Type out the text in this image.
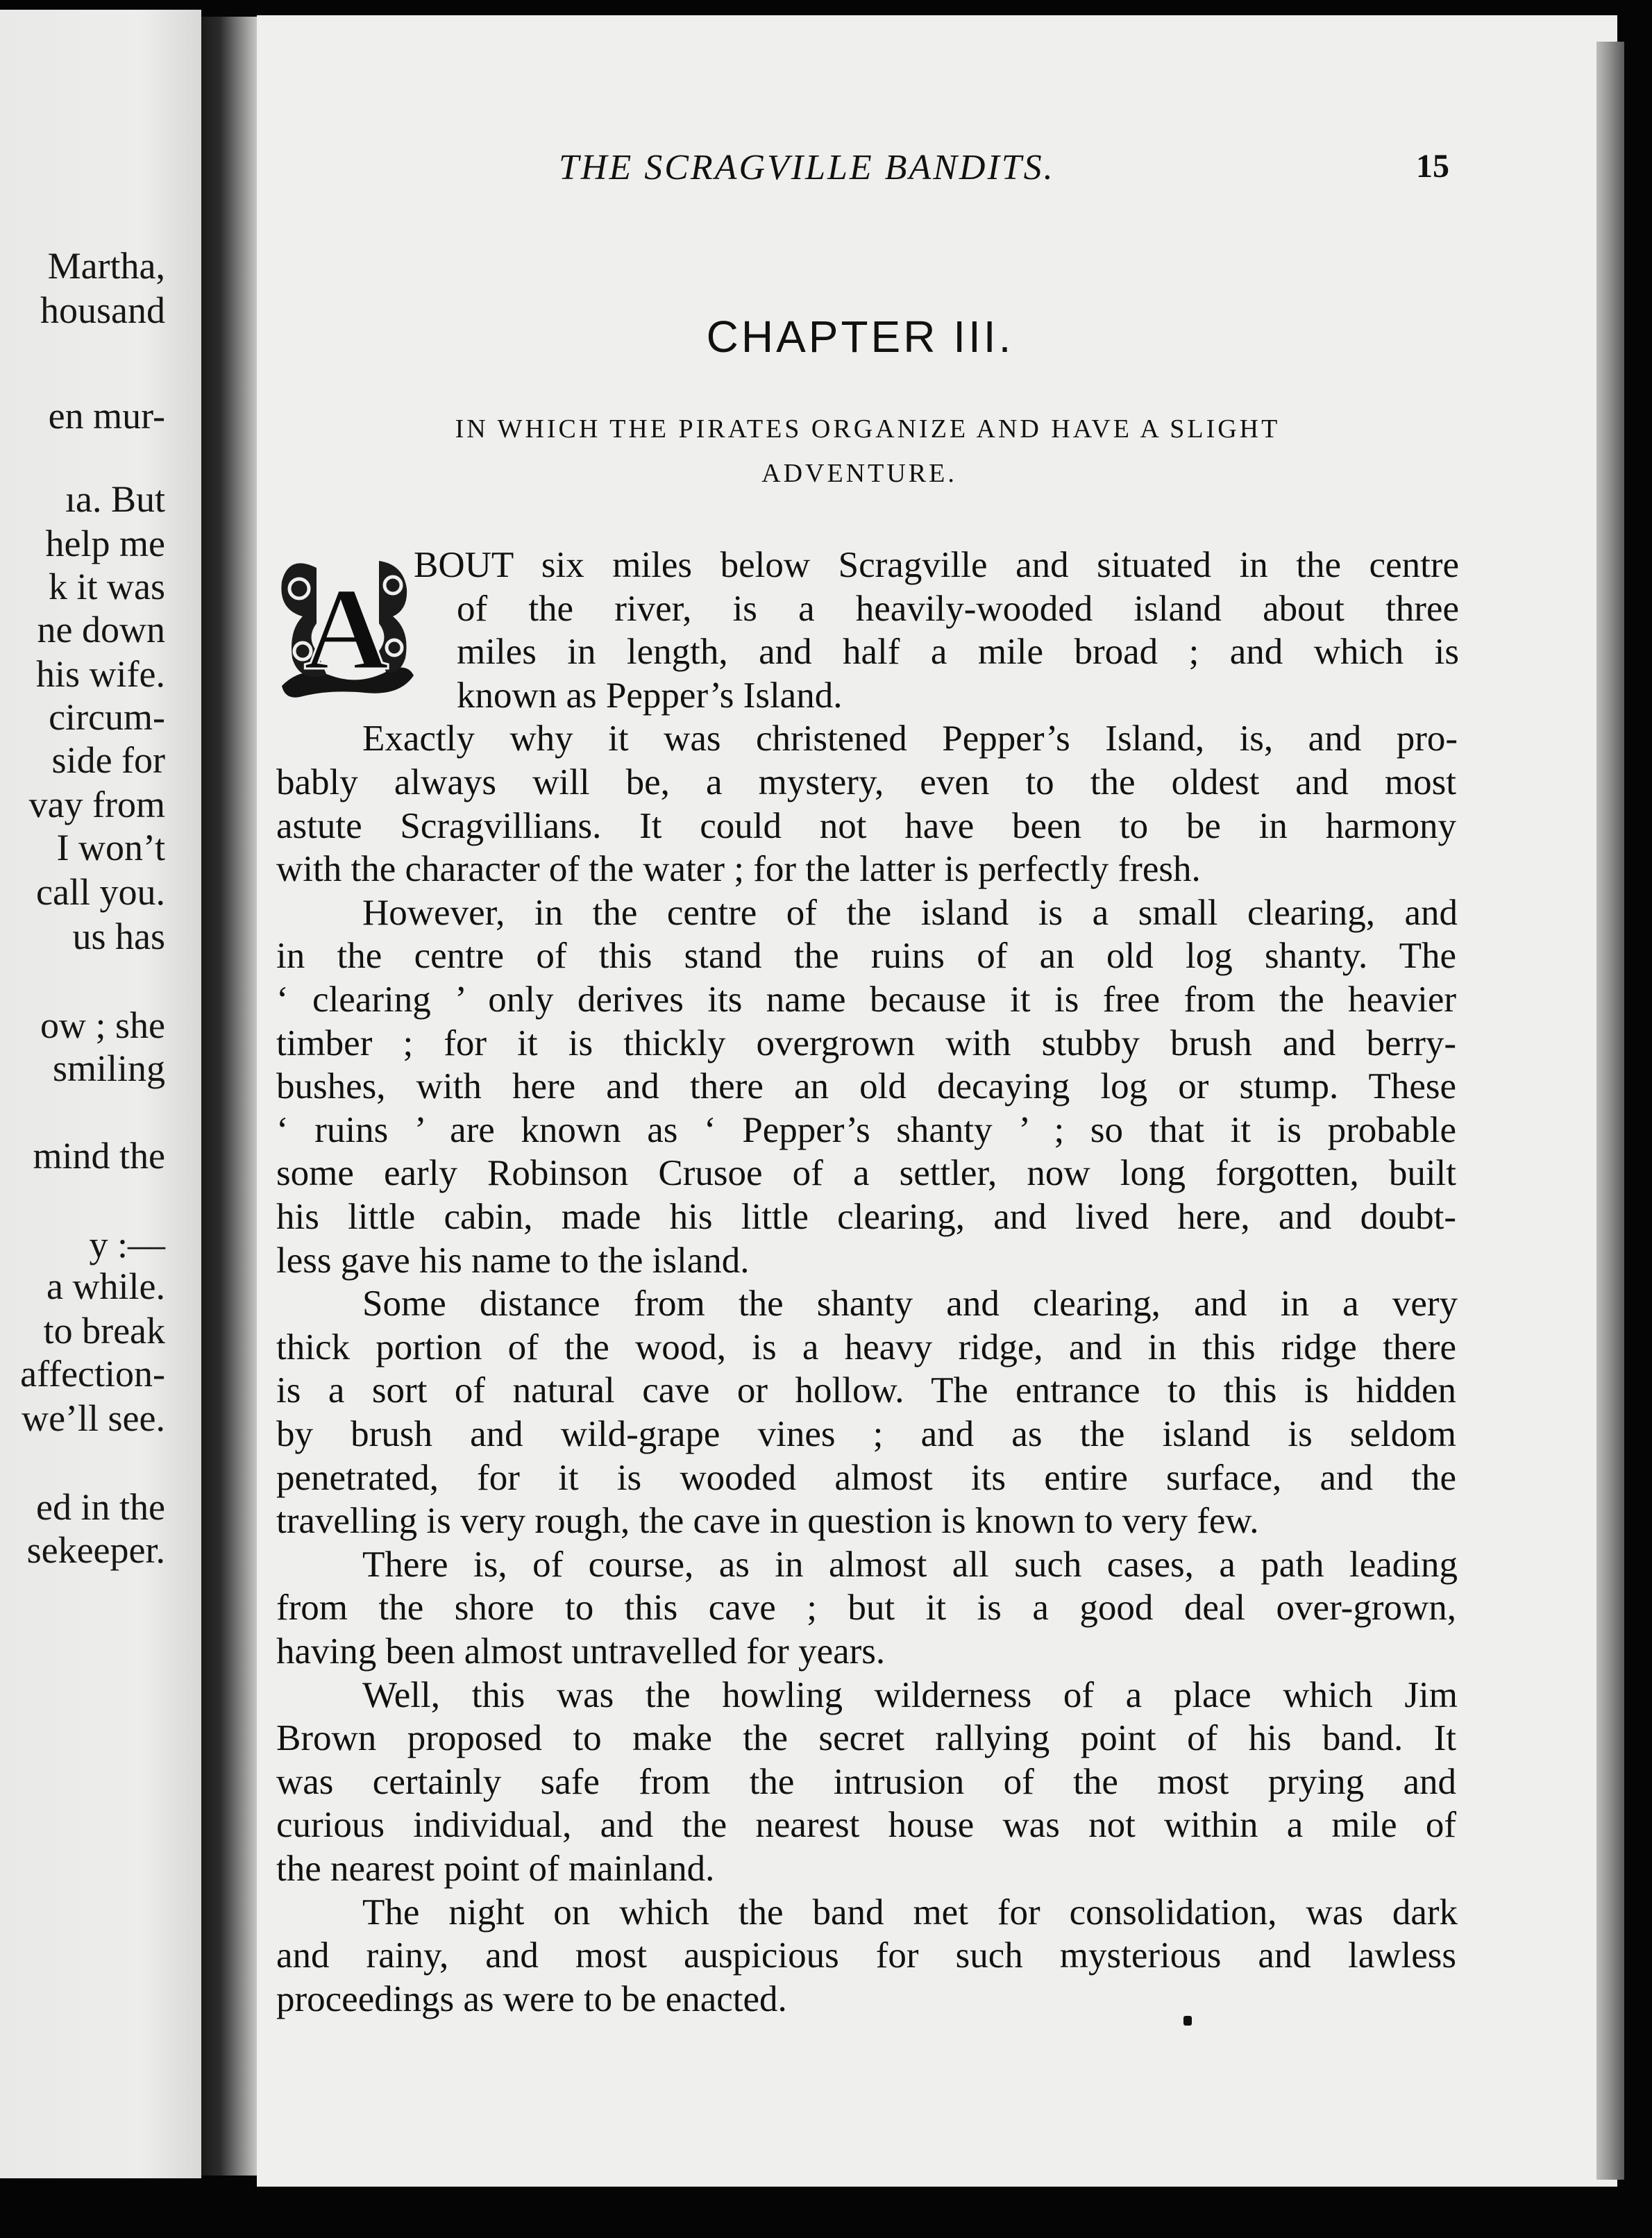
Martha,
housand
en mur-
ıa. But
help me
k it was
ne down
his wife.
circum-
side for
vay from
I won’t
call you.
us has
ow ; she
smiling
mind the
y :—
a while.
to break
affection-
we’ll see.
ed in the
sekeeper.
THE SCRAGVILLE BANDITS.	15
CHAPTER III.
IN WHICH THE PIRATES ORGANIZE AND HAVE A SLIGHT
ADVENTURE.
A BOUT six miles below Scragville and situated in the centre
of the river, is a heavily-wooded island about three
miles in length, and half a mile broad ; and which is
known as Pepper’s Island.
Exactly why it was christened Pepper’s Island, is, and pro-
bably always will be, a mystery, even to the oldest and most
astute Scragvillians. It could not have been to be in harmony
with the character of the water ; for the latter is perfectly fresh.
However, in the centre of the island is a small clearing, and
in the centre of this stand the ruins of an old log shanty. The
‘ clearing ’ only derives its name because it is free from the heavier
timber ; for it is thickly overgrown with stubby brush and berry-
bushes, with here and there an old decaying log or stump. These
‘ ruins ’ are known as ‘ Pepper’s shanty ’ ; so that it is probable
some early Robinson Crusoe of a settler, now long forgotten, built
his little cabin, made his little clearing, and lived here, and doubt-
less gave his name to the island.
Some distance from the shanty and clearing, and in a very
thick portion of the wood, is a heavy ridge, and in this ridge there
is a sort of natural cave or hollow. The entrance to this is hidden
by brush and wild-grape vines ; and as the island is seldom
penetrated, for it is wooded almost its entire surface, and the
travelling is very rough, the cave in question is known to very few.
There is, of course, as in almost all such cases, a path leading
from the shore to this cave ; but it is a good deal over-grown,
having been almost untravelled for years.
Well, this was the howling wilderness of a place which Jim
Brown proposed to make the secret rallying point of his band. It
was certainly safe from the intrusion of the most prying and
curious individual, and the nearest house was not within a mile of
the nearest point of mainland.
The night on which the band met for consolidation, was dark
and rainy, and most auspicious for such mysterious and lawless
proceedings as were to be enacted.
